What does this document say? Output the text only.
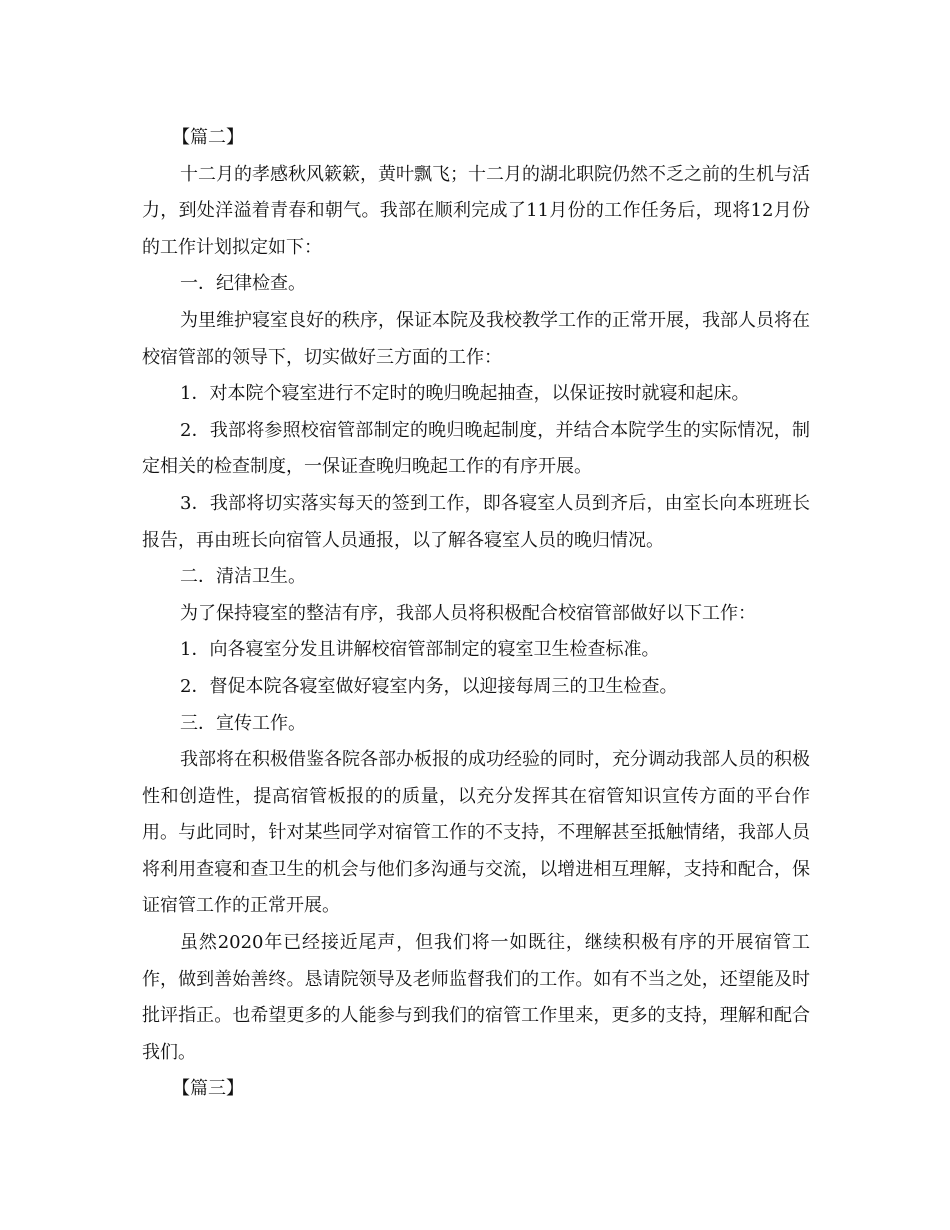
【篇二】

十二月的孝感秋风簌簌，黄叶飘飞；十二月的湖北职院仍然不乏之前的生机与活力，到处洋溢着青春和朝气。我部在顺利完成了11月份的工作任务后，现将12月份的工作计划拟定如下：

一．纪律检查。

为里维护寝室良好的秩序，保证本院及我校教学工作的正常开展，我部人员将在校宿管部的领导下，切实做好三方面的工作：

1．对本院个寝室进行不定时的晚归晚起抽查，以保证按时就寝和起床。

2．我部将参照校宿管部制定的晚归晚起制度，并结合本院学生的实际情况，制定相关的检查制度，一保证查晚归晚起工作的有序开展。

3．我部将切实落实每天的签到工作，即各寝室人员到齐后，由室长向本班班长报告，再由班长向宿管人员通报，以了解各寝室人员的晚归情况。

二．清洁卫生。

为了保持寝室的整洁有序，我部人员将积极配合校宿管部做好以下工作：

1．向各寝室分发且讲解校宿管部制定的寝室卫生检查标准。

2．督促本院各寝室做好寝室内务，以迎接每周三的卫生检查。

三．宣传工作。

我部将在积极借鉴各院各部办板报的成功经验的同时，充分调动我部人员的积极性和创造性，提高宿管板报的的质量，以充分发挥其在宿管知识宣传方面的平台作用。与此同时，针对某些同学对宿管工作的不支持，不理解甚至抵触情绪，我部人员将利用查寝和查卫生的机会与他们多沟通与交流，以增进相互理解，支持和配合，保证宿管工作的正常开展。

虽然2020年已经接近尾声，但我们将一如既往，继续积极有序的开展宿管工作，做到善始善终。恳请院领导及老师监督我们的工作。如有不当之处，还望能及时批评指正。也希望更多的人能参与到我们的宿管工作里来，更多的支持，理解和配合我们。

【篇三】
